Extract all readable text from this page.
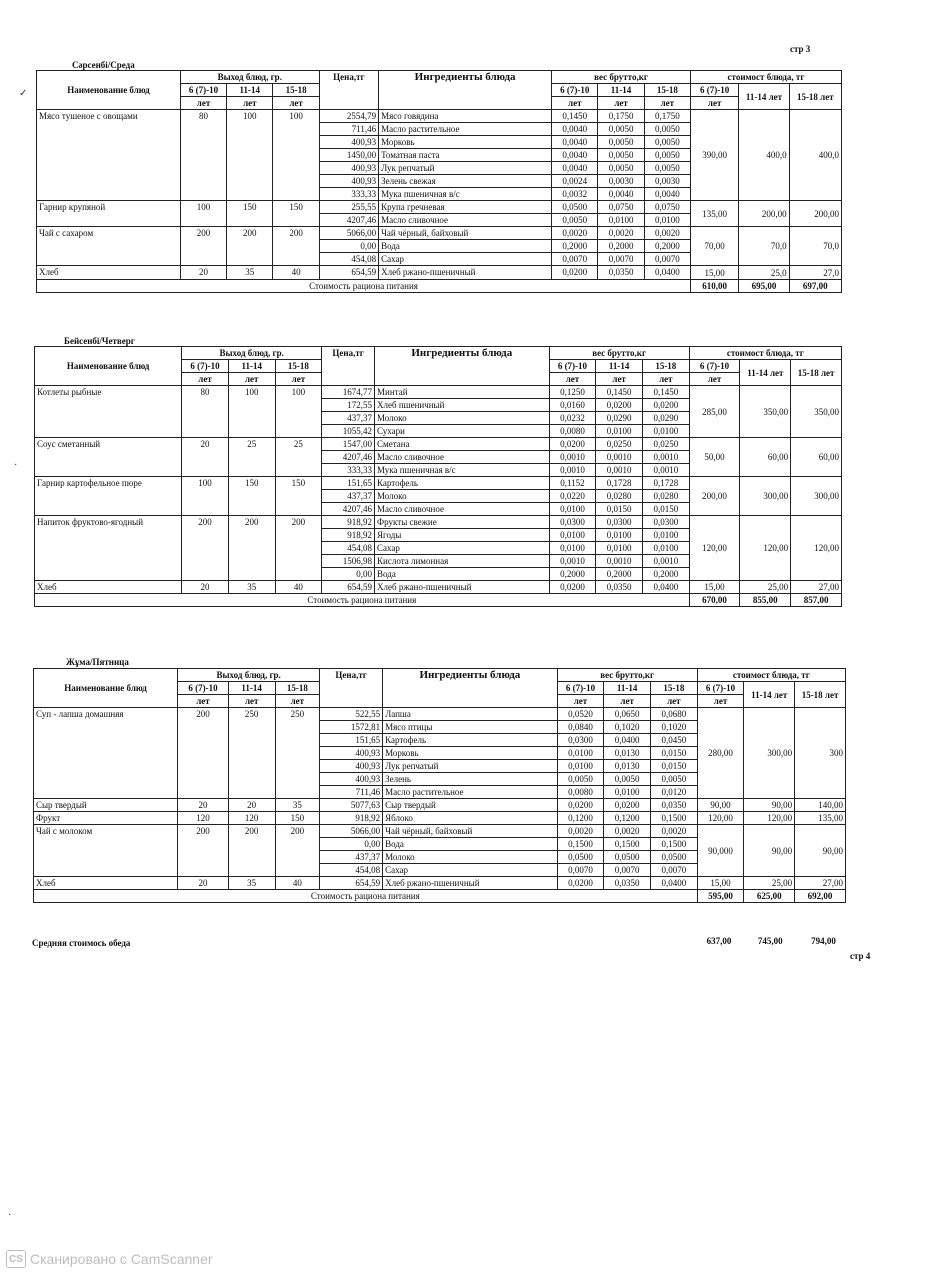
стр 3
Сәрсенбі/Среда
Наименование блюд	Выход блюд, гр.			Цена,тг	Ингредиенты блюда	вес брутто,кг			стоимост блюда, тг		
	6 (7)-10	11-14	15-18			6 (7)-10	11-14	15-18	6 (7)-10	11-14 лет	15-18 лет
	лет	лет	лет			лет	лет	лет	лет		
Мясо тушеное с овощами	80	100	100	2554,79	Мясо говядина	0,1450	0,1750	0,1750	390,00	400,0	400,0
				711,46	Масло растительное	0,0040	0,0050	0,0050			
				400,93	Морковь	0,0040	0,0050	0,0050			
				1450,00	Томатная паста	0,0040	0,0050	0,0050			
				400,93	Лук репчатый	0,0040	0,0050	0,0050			
				400,93	Зелень свежая	0,0024	0,0030	0,0030			
				333,33	Мука пшеничная в/с	0,0032	0,0040	0,0040			
Гарнир крупяной	100	150	150	255,55	Крупа гречневая	0,0500	0,0750	0,0750	135,00	200,00	200,00
				4207,46	Масло сливочное	0,0050	0,0100	0,0100			
Чай с сахаром	200	200	200	5066,00	Чай чёрный, байховый	0,0020	0,0020	0,0020	70,00	70,0	70,0
				0,00	Вода	0,2000	0,2000	0,2000			
				454,08	Сахар	0,0070	0,0070	0,0070			
Хлеб	20	35	40	654,59	Хлеб ржано-пшеничный	0,0200	0,0350	0,0400	15,00	25,0	27,0
Стоимость рациона питания									610,00	695,00	697,00
Бейсенбі/Четверг
Наименование блюд	Выход блюд, гр.			Цена,тг	Ингредиенты блюда	вес брутто,кг			стоимост блюда, тг		
	6 (7)-10	11-14	15-18			6 (7)-10	11-14	15-18	6 (7)-10	11-14 лет	15-18 лет
	лет	лет	лет			лет	лет	лет	лет		
Котлеты рыбные	80	100	100	1674,77	Минтай	0,1250	0,1450	0,1450	285,00	350,00	350,00
				172,55	Хлеб пшеничный	0,0160	0,0200	0,0200			
				437,37	Молоко	0,0232	0,0290	0,0290			
				1055,42	Сухари	0,0080	0,0100	0,0100			
Соус сметанный	20	25	25	1547,00	Сметана	0,0200	0,0250	0,0250	50,00	60,00	60,00
				4207,46	Масло сливочное	0,0010	0,0010	0,0010			
				333,33	Мука пшеничная в/с	0,0010	0,0010	0,0010			
Гарнир картофельное пюре	100	150	150	151,65	Картофель	0,1152	0,1728	0,1728	200,00	300,00	300,00
				437,37	Молоко	0,0220	0,0280	0,0280			
				4207,46	Масло сливочное	0,0100	0,0150	0,0150			
Напиток фруктово-ягодный	200	200	200	918,92	Фрукты свежие	0,0300	0,0300	0,0300	120,00	120,00	120,00
				918,92	Ягоды	0,0100	0,0100	0,0100			
				454,08	Сахар	0,0100	0,0100	0,0100			
				1506,98	Кислота лимонная	0,0010	0,0010	0,0010			
				0,00	Вода	0,2000	0,2000	0,2000			
Хлеб	20	35	40	654,59	Хлеб ржано-пшеничный	0,0200	0,0350	0,0400	15,00	25,00	27,00
Стоимость рациона питания									670,00	855,00	857,00
Жұма/Пятница
Наименование блюд	Выход блюд, гр.			Цена,тг	Ингредиенты блюда	вес брутто,кг			стоимост блюда, тг		
	6 (7)-10	11-14	15-18			6 (7)-10	11-14	15-18	6 (7)-10	11-14 лет	15-18 лет
	лет	лет	лет			лет	лет	лет	лет		
Суп - лапша домашняя	200	250	250	522,55	Лапша	0,0520	0,0650	0,0680	280,00	300,00	300
				1572,81	Мясо птицы	0,0840	0,1020	0,1020			
				151,65	Картофель	0,0300	0,0400	0,0450			
				400,93	Морковь	0,0100	0,0130	0,0150			
				400,93	Лук репчатый	0,0100	0,0130	0,0150			
				400,93	Зелень	0,0050	0,0050	0,0050			
				711,46	Масло растительное	0,0080	0,0100	0,0120			
Сыр твердый	20	20	35	5077,63	Сыр твердый	0,0200	0,0200	0,0350	90,00	90,00	140,00
Фрукт	120	120	150	918,92	Яблоко	0,1200	0,1200	0,1500	120,00	120,00	135,00
Чай с молоком	200	200	200	5066,00	Чай чёрный, байховый	0,0020	0,0020	0,0020	90,000	90,00	90,00
				0,00	Вода	0,1500	0,1500	0,1500			
				437,37	Молоко	0,0500	0,0500	0,0500			
				454,08	Сахар	0,0070	0,0070	0,0070			
Хлеб	20	35	40	654,59	Хлеб ржано-пшеничный	0,0200	0,0350	0,0400	15,00	25,00	27,00
Стоимость рациона питания									595,00	625,00	692,00
Средняя стоимось обеда	637,00	745,00	794,00
стр 4
✓
·
·
CS Сканировано с CamScanner
